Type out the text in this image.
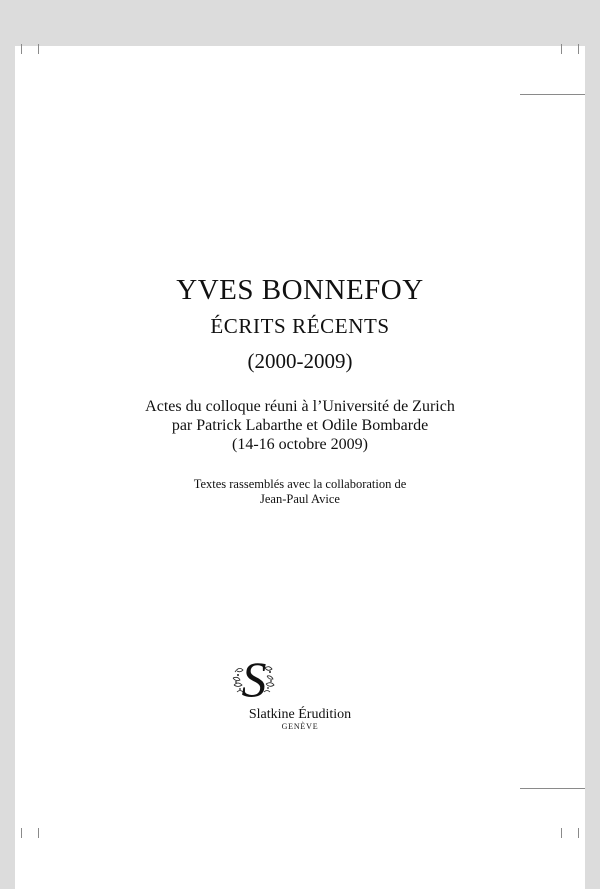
YVES BONNEFOY
ÉCRITS RÉCENTS
(2000-2009)
Actes du colloque réuni à l’Université de Zurich
par Patrick Labarthe et Odile Bombarde
(14-16 octobre 2009)
Textes rassemblés avec la collaboration de
Jean-Paul Avice
S
Slatkine Érudition
GENÈVE
